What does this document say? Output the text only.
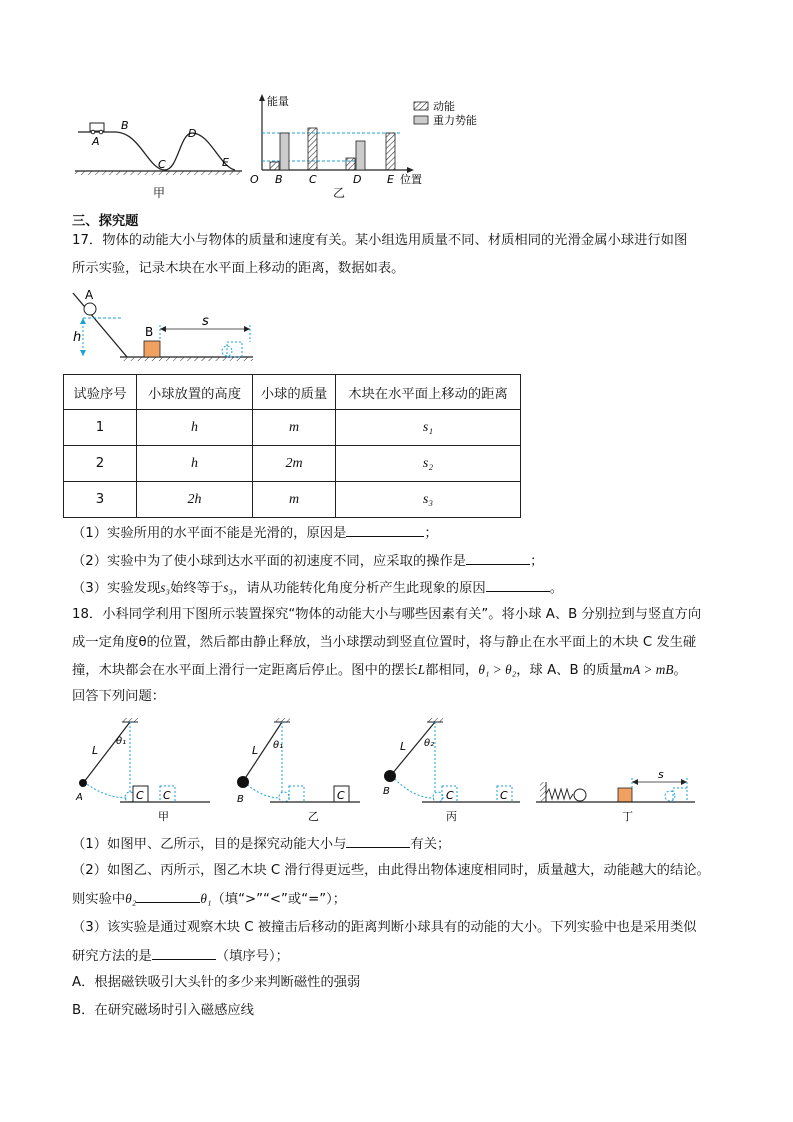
A
B
C
D
E
甲
动能
重力势能
能量
O B C	D E 位置
乙
三、探究题
17．物体的动能大小与物体的质量和速度有关。某小组选用质量不同、材质相同的光滑金属小球进行如图
所示实验，记录木块在水平面上移动的距离，数据如表。
A
B
h
s
试验序号	小球放置的高度	小球的质量	木块在水平面上移动的距离
1	h	m	s₁
2	h	2m	s₂
3	2h	m	s₃
（1）实验所用的水平面不能是光滑的，原因是	；
（2）实验中为了使小球到达水平面的初速度不同，应采取的操作是	；
（3）实验发现s₃始终等于s₃，请从功能转化角度分析产生此现象的原因	。
18．小科同学利用下图所示装置探究“物体的动能大小与哪些因素有关”。将小球 A、B 分别拉到与竖直方向
成一定角度θ的位置，然后都由静止释放，当小球摆动到竖直位置时，将与静止在水平面上的木块 C 发生碰
撞，木块都会在水平面上滑行一定距离后停止。图中的摆长L都相同，θ₁ > θ₂，球 A、B 的质量mA > mB。
回答下列问题：
L
θ₁
C C
A
L θ₁
C
B
L θ₂
C	C
B
s
甲	乙	丙	丁
（1）如图甲、乙所示，目的是探究动能大小与	有关；
（2）如图乙、丙所示，图乙木块 C 滑行得更远些，由此得出物体速度相同时，质量越大，动能越大的结论。
则实验中θ₂	θ₁（填“>”“<”或“=”）；
（3）该实验是通过观察木块 C 被撞击后移动的距离判断小球具有的动能的大小。下列实验中也是采用类似
研究方法的是	（填序号）；
A．根据磁铁吸引大头针的多少来判断磁性的强弱
B．在研究磁场时引入磁感应线
